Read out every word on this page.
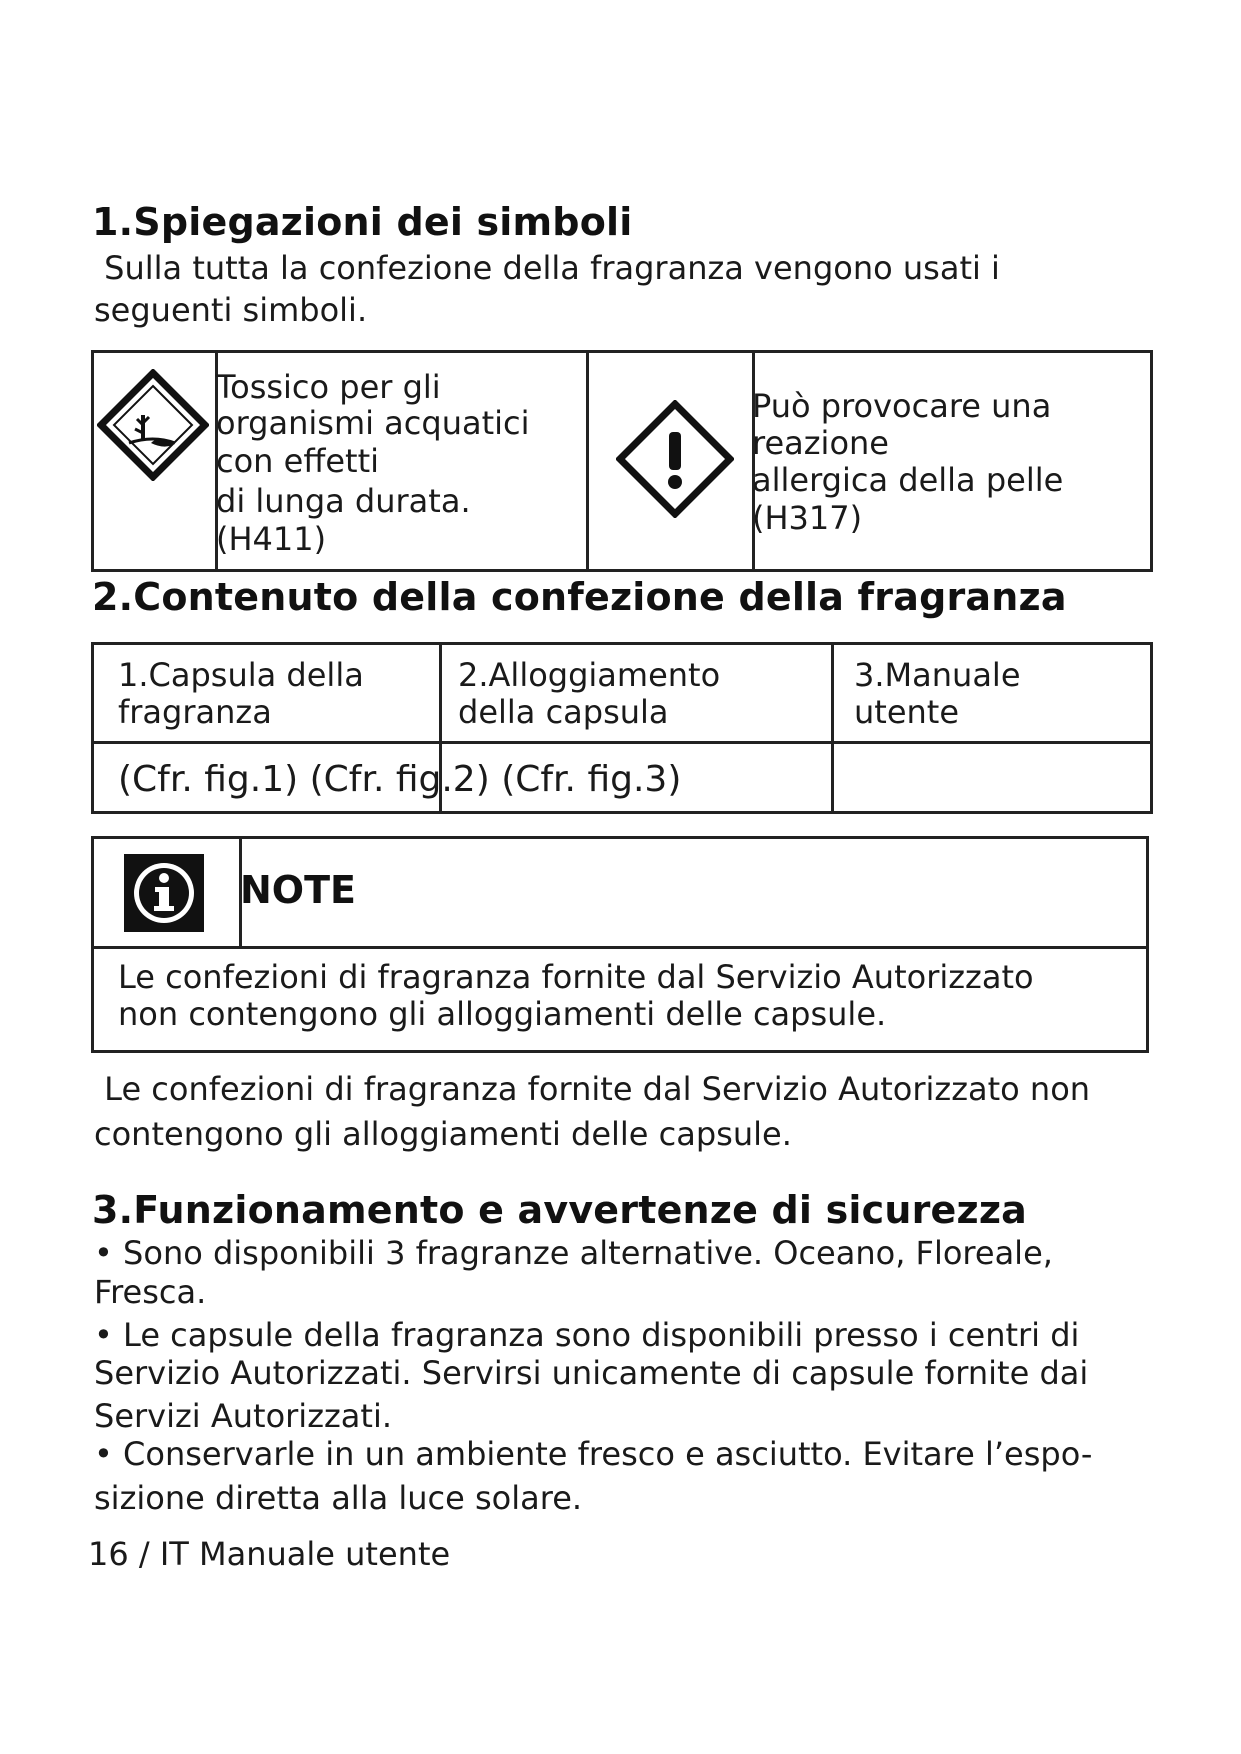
1.Spiegazioni dei simboli
Sulla tutta la confezione della fragranza vengono usati i
seguenti simboli.
Tossico per gli
organismi acquatici
con effetti
di lunga durata.
(H411)
Può provocare una
reazione
allergica della pelle
(H317)
2.Contenuto della confezione della fragranza
1.Capsula della
fragranza
2.Alloggiamento
della capsula
3.Manuale
utente
(Cfr. fig.1) (Cfr. fig.2) (Cfr. fig.3)
NOTE
Le confezioni di fragranza fornite dal Servizio Autorizzato
non contengono gli alloggiamenti delle capsule.
Le confezioni di fragranza fornite dal Servizio Autorizzato non
contengono gli alloggiamenti delle capsule.
3.Funzionamento e avvertenze di sicurezza
• Sono disponibili 3 fragranze alternative. Oceano, Floreale,
Fresca.
• Le capsule della fragranza sono disponibili presso i centri di
Servizio Autorizzati. Servirsi unicamente di capsule fornite dai
Servizi Autorizzati.
• Conservarle in un ambiente fresco e asciutto. Evitare l’espo-
sizione diretta alla luce solare.
16 / IT Manuale utente
